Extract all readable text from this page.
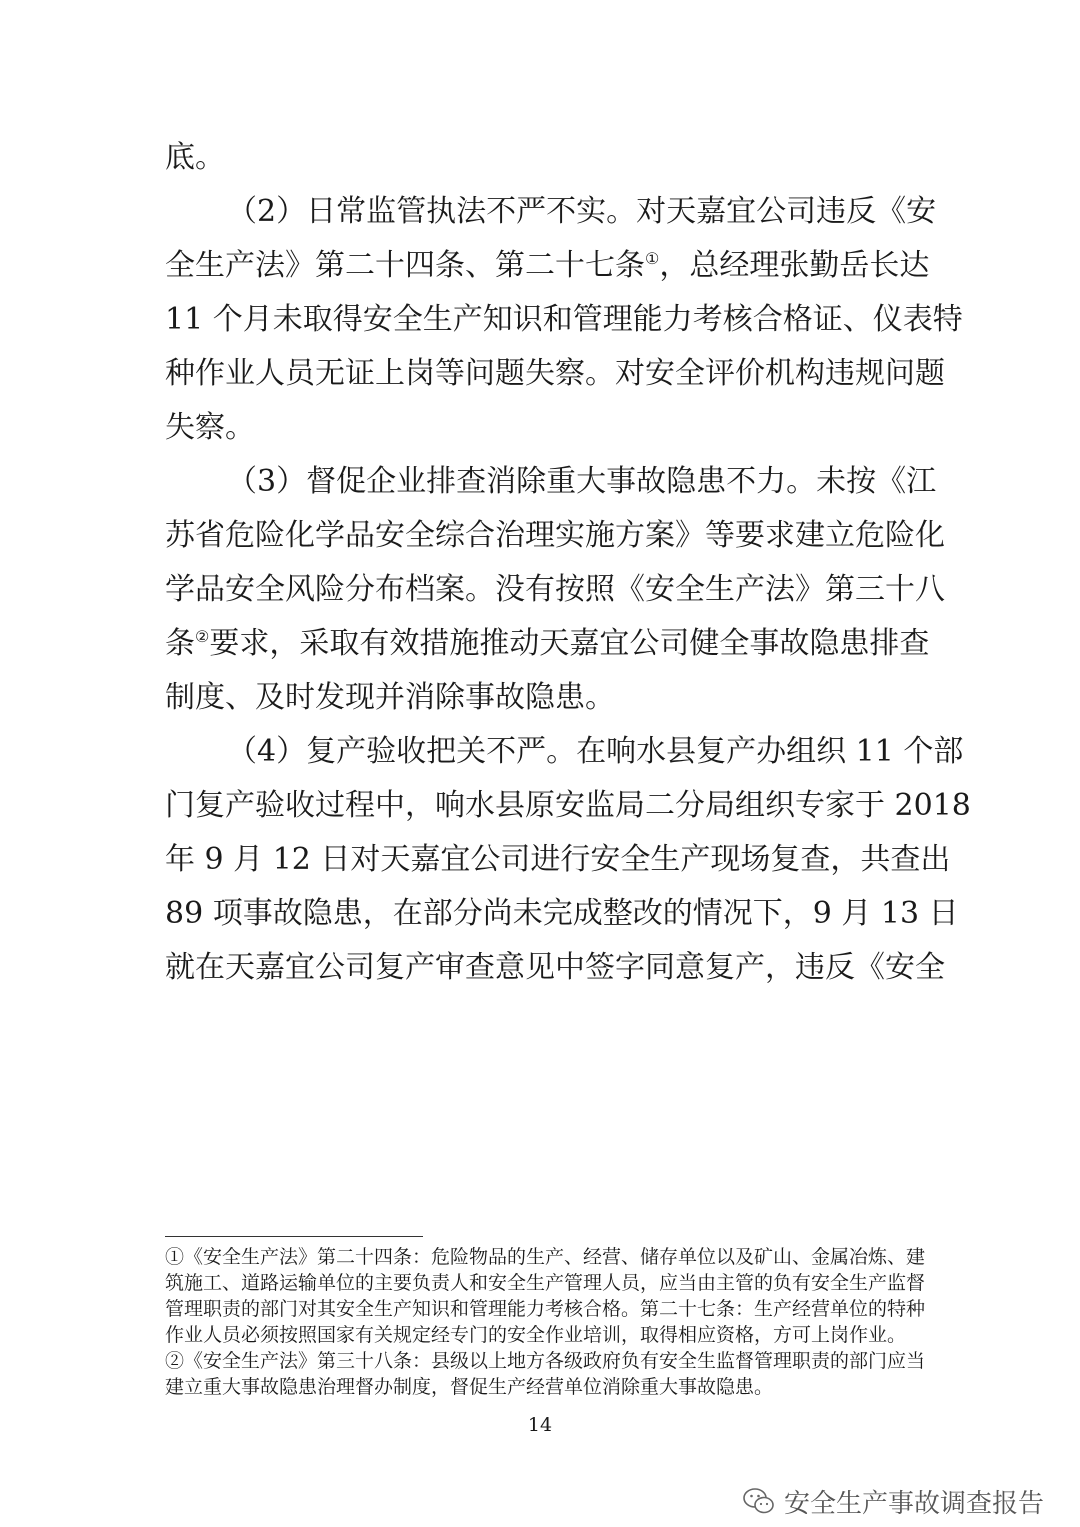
底。
（2）日常监管执法不严不实。对天嘉宜公司违反《安
全生产法》第二十四条、第二十七条①，总经理张勤岳长达
11 个月未取得安全生产知识和管理能力考核合格证、仪表特
种作业人员无证上岗等问题失察。对安全评价机构违规问题
失察。
（3）督促企业排查消除重大事故隐患不力。未按《江
苏省危险化学品安全综合治理实施方案》等要求建立危险化
学品安全风险分布档案。没有按照《安全生产法》第三十八
条②要求，采取有效措施推动天嘉宜公司健全事故隐患排查
制度、及时发现并消除事故隐患。
（4）复产验收把关不严。在响水县复产办组织 11 个部
门复产验收过程中，响水县原安监局二分局组织专家于 2018
年 9 月 12 日对天嘉宜公司进行安全生产现场复查，共查出
89 项事故隐患，在部分尚未完成整改的情况下，9 月 13 日
就在天嘉宜公司复产审查意见中签字同意复产，违反《安全
①《安全生产法》第二十四条：危险物品的生产、经营、储存单位以及矿山、金属冶炼、建
筑施工、道路运输单位的主要负责人和安全生产管理人员，应当由主管的负有安全生产监督
管理职责的部门对其安全生产知识和管理能力考核合格。第二十七条：生产经营单位的特种
作业人员必须按照国家有关规定经专门的安全作业培训，取得相应资格，方可上岗作业。
②《安全生产法》第三十八条：县级以上地方各级政府负有安全生监督管理职责的部门应当
建立重大事故隐患治理督办制度，督促生产经营单位消除重大事故隐患。
14
安全生产事故调查报告
